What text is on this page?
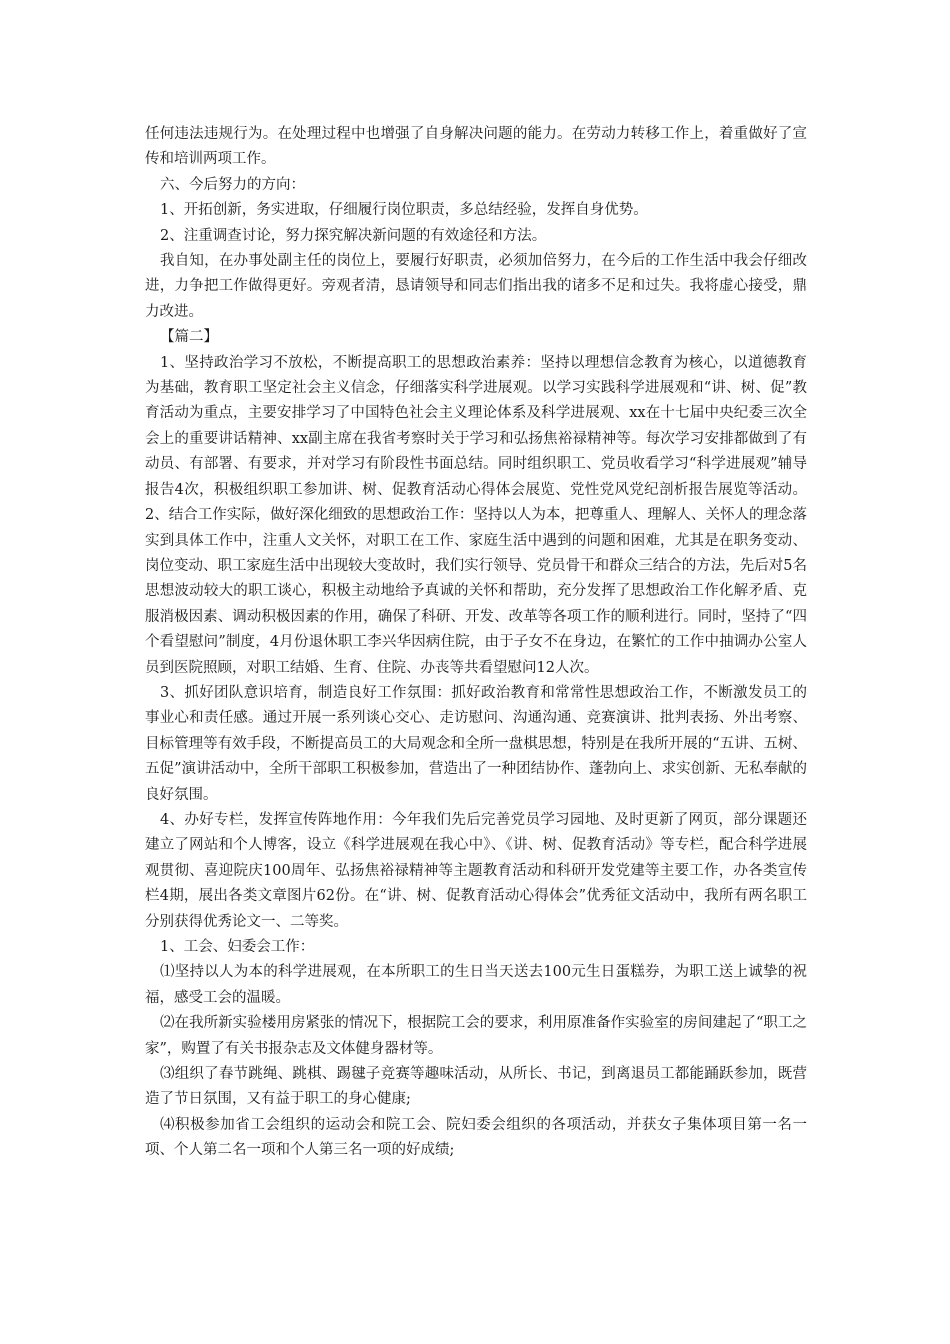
任何违法违规行为。在处理过程中也增强了自身解决问题的能力。在劳动力转移工作上，着重做好了宣传和培训两项工作。

六、今后努力的方向：

1、开拓创新，务实进取，仔细履行岗位职责，多总结经验，发挥自身优势。

2、注重调查讨论，努力探究解决新问题的有效途径和方法。

我自知，在办事处副主任的岗位上，要履行好职责，必须加倍努力，在今后的工作生活中我会仔细改进，力争把工作做得更好。旁观者清，恳请领导和同志们指出我的诸多不足和过失。我将虚心接受，鼎力改进。

【篇二】

1、坚持政治学习不放松，不断提高职工的思想政治素养：坚持以理想信念教育为核心，以道德教育为基础，教育职工坚定社会主义信念，仔细落实科学进展观。以学习实践科学进展观和“讲、树、促”教育活动为重点，主要安排学习了中国特色社会主义理论体系及科学进展观、xx在十七届中央纪委三次全会上的重要讲话精神、xx副主席在我省考察时关于学习和弘扬焦裕禄精神等。每次学习安排都做到了有动员、有部署、有要求，并对学习有阶段性书面总结。同时组织职工、党员收看学习“科学进展观”辅导报告4次，积极组织职工参加讲、树、促教育活动心得体会展览、党性党风党纪剖析报告展览等活动。2、结合工作实际，做好深化细致的思想政治工作：坚持以人为本，把尊重人、理解人、关怀人的理念落实到具体工作中，注重人文关怀，对职工在工作、家庭生活中遇到的问题和困难，尤其是在职务变动、岗位变动、职工家庭生活中出现较大变故时，我们实行领导、党员骨干和群众三结合的方法，先后对5名思想波动较大的职工谈心，积极主动地给予真诚的关怀和帮助，充分发挥了思想政治工作化解矛盾、克服消极因素、调动积极因素的作用，确保了科研、开发、改革等各项工作的顺利进行。同时，坚持了“四个看望慰问”制度，4月份退休职工李兴华因病住院，由于子女不在身边，在繁忙的工作中抽调办公室人员到医院照顾，对职工结婚、生育、住院、办丧等共看望慰问12人次。

3、抓好团队意识培育，制造良好工作氛围：抓好政治教育和常常性思想政治工作，不断激发员工的事业心和责任感。通过开展一系列谈心交心、走访慰问、沟通沟通、竞赛演讲、批判表扬、外出考察、目标管理等有效手段，不断提高员工的大局观念和全所一盘棋思想，特别是在我所开展的“五讲、五树、五促”演讲活动中，全所干部职工积极参加，营造出了一种团结协作、蓬勃向上、求实创新、无私奉献的良好氛围。

4、办好专栏，发挥宣传阵地作用：今年我们先后完善党员学习园地、及时更新了网页，部分课题还建立了网站和个人博客，设立《科学进展观在我心中》、《讲、树、促教育活动》等专栏，配合科学进展观贯彻、喜迎院庆100周年、弘扬焦裕禄精神等主题教育活动和科研开发党建等主要工作，办各类宣传栏4期，展出各类文章图片62份。在“讲、树、促教育活动心得体会”优秀征文活动中，我所有两名职工分别获得优秀论文一、二等奖。

1、工会、妇委会工作：

⑴坚持以人为本的科学进展观，在本所职工的生日当天送去100元生日蛋糕券，为职工送上诚挚的祝福，感受工会的温暖。

⑵在我所新实验楼用房紧张的情况下，根据院工会的要求，利用原准备作实验室的房间建起了“职工之家”，购置了有关书报杂志及文体健身器材等。

⑶组织了春节跳绳、跳棋、踢毽子竞赛等趣味活动，从所长、书记，到离退员工都能踊跃参加，既营造了节日氛围，又有益于职工的身心健康;

⑷积极参加省工会组织的运动会和院工会、院妇委会组织的各项活动，并获女子集体项目第一名一项、个人第二名一项和个人第三名一项的好成绩;
